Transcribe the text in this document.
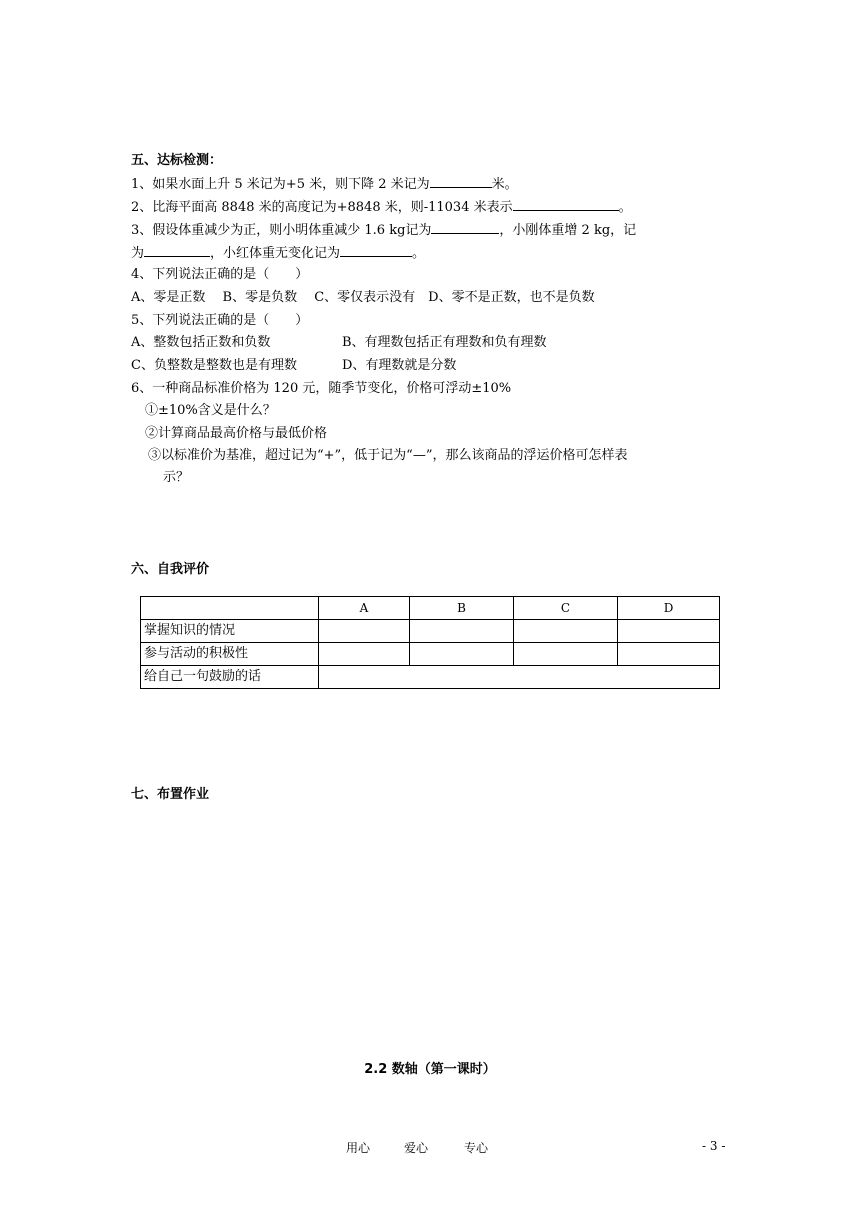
五、达标检测：
1、如果水面上升 5 米记为+5 米，则下降 2 米记为	米。
2、比海平面高 8848 米的高度记为+8848 米，则-11034 米表示	。
3、假设体重减少为正，则小明体重减少 1.6 kg记为	，小刚体重增 2 kg，记
为	，小红体重无变化记为	。
4、下列说法正确的是（　　）
A、零是正数　 B、零是负数　 C、零仅表示没有　D、零不是正数，也不是负数
5、下列说法正确的是（　　）
A、整数包括正数和负数	B、有理数包括正有理数和负有理数
C、负整数是整数也是有理数	D、有理数就是分数
6、一种商品标准价格为 120 元，随季节变化，价格可浮动±10%
①±10%含义是什么？
②计算商品最高价格与最低价格
③以标准价为基准，超过记为“+”，低于记为“—”，那么该商品的浮运价格可怎样表
示？
六、自我评价
	A	B	C	D
掌握知识的情况				
参与活动的积极性				
给自己一句鼓励的话				
七、布置作业
2.2 数轴（第一课时）
用心	爱心	专心	- 3 -
